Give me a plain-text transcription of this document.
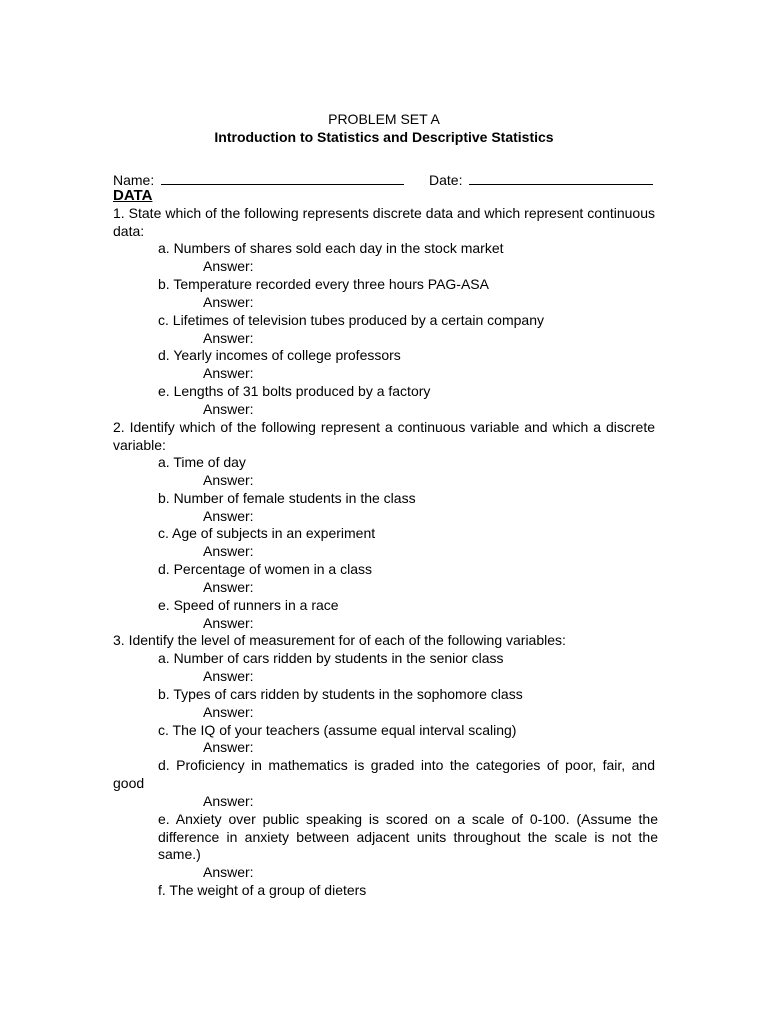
PROBLEM SET A
Introduction to Statistics and Descriptive Statistics
Name:	Date:
DATA
1. State which of the following represents discrete data and which represent continuous data:
a. Numbers of shares sold each day in the stock market
Answer:
b. Temperature recorded every three hours PAG-ASA
Answer:
c. Lifetimes of television tubes produced by a certain company
Answer:
d. Yearly incomes of college professors
Answer:
e. Lengths of 31 bolts produced by a factory
Answer:
2. Identify which of the following represent a continuous variable and which a discrete variable:
a. Time of day
Answer:
b. Number of female students in the class
Answer:
c. Age of subjects in an experiment
Answer:
d. Percentage of women in a class
Answer:
e. Speed of runners in a race
Answer:
3. Identify the level of measurement for of each of the following variables:
a. Number of cars ridden by students in the senior class
Answer:
b. Types of cars ridden by students in the sophomore class
Answer:
c. The IQ of your teachers (assume equal interval scaling)
Answer:
d. Proficiency in mathematics is graded into the categories of poor, fair, and good
Answer:
e. Anxiety over public speaking is scored on a scale of 0-100. (Assume the difference in anxiety between adjacent units throughout the scale is not the same.)
Answer:
f. The weight of a group of dieters
